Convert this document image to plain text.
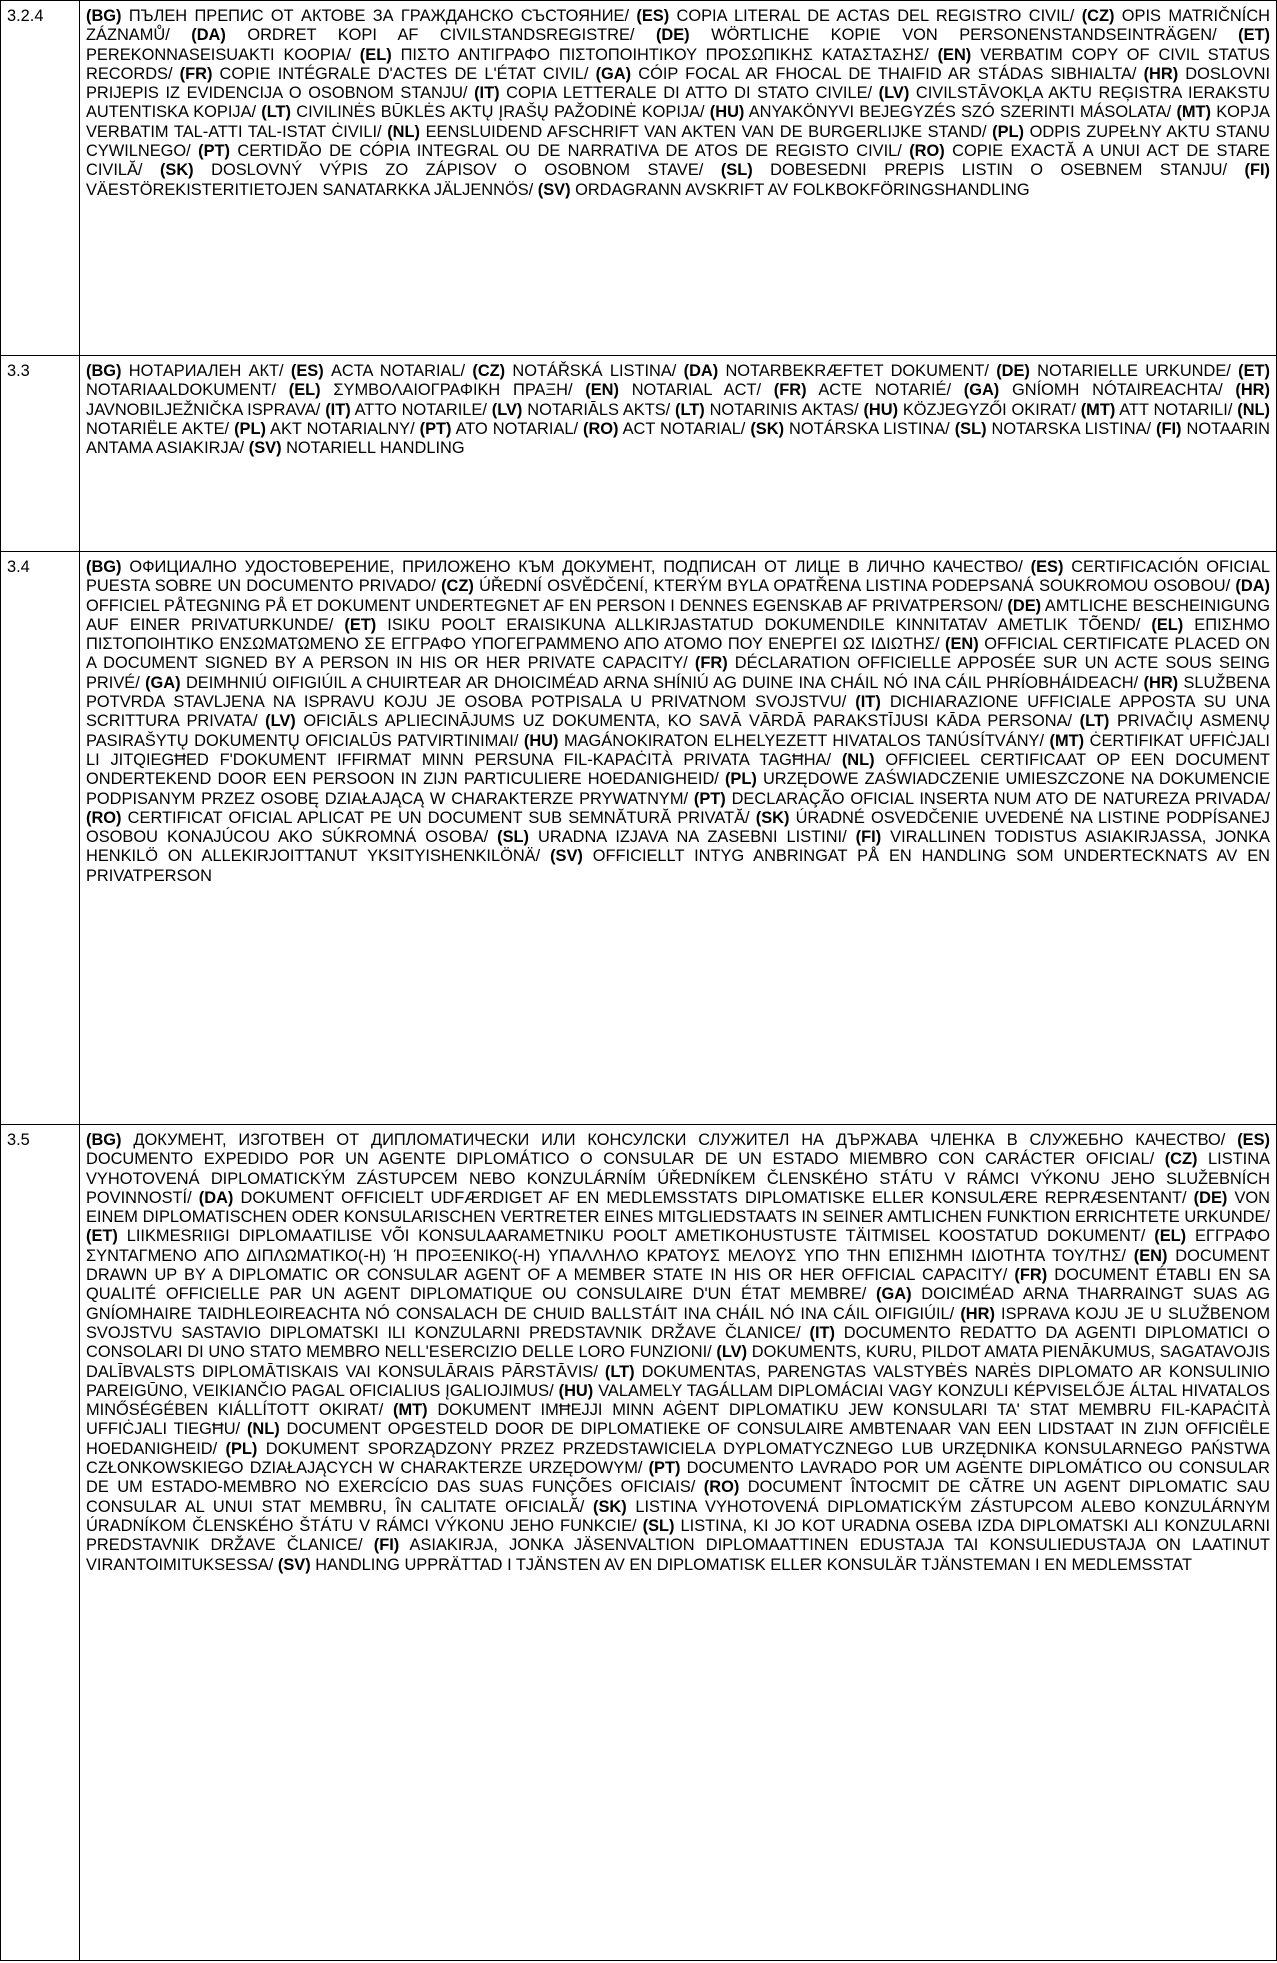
3.2.4	(BG) ПЪЛЕН ПРЕПИС ОТ АКТОВЕ ЗА ГРАЖДАНСКО СЪСТОЯНИЕ/ (ES) COPIA LITERAL DE ACTAS DEL REGISTRO CIVIL/ (CZ) OPIS MATRIČNÍCH ZÁZNAMŮ/ (DA) ORDRET KOPI AF CIVILSTANDSREGISTRE/ (DE) WÖRTLICHE KOPIE VON PERSONENSTANDSEINTRÄGEN/ (ET) PEREKONNASEISUAKTI KOOPIA/ (EL) ΠΙΣΤΟ ΑΝΤΙΓΡΑΦΟ ΠΙΣΤΟΠΟΙΗΤΙΚΟΥ ΠΡΟΣΩΠΙΚΗΣ ΚΑΤΑΣΤΑΣΗΣ/ (EN) VERBATIM COPY OF CIVIL STATUS RECORDS/ (FR) COPIE INTÉGRALE D'ACTES DE L'ÉTAT CIVIL/ (GA) CÓIP FOCAL AR FHOCAL DE THAIFID AR STÁDAS SIBHIALTA/ (HR) DOSLOVNI PRIJEPIS IZ EVIDENCIJA O OSOBNOM STANJU/ (IT) COPIA LETTERALE DI ATTO DI STATO CIVILE/ (LV) CIVILSTĀVOKĻA AKTU REĢISTRA IERAKSTU AUTENTISKA KOPIJA/ (LT) CIVILINĖS BŪKLĖS AKTŲ ĮRAŠŲ PAŽODINĖ KOPIJA/ (HU) ANYAKÖNYVI BEJEGYZÉS SZÓ SZERINTI MÁSOLATA/ (MT) KOPJA VERBATIM TAL-ATTI TAL-ISTAT ĊIVILI/ (NL) EENSLUIDEND AFSCHRIFT VAN AKTEN VAN DE BURGERLIJKE STAND/ (PL) ODPIS ZUPEŁNY AKTU STANU CYWILNEGO/ (PT) CERTIDÃO DE CÓPIA INTEGRAL OU DE NARRATIVA DE ATOS DE REGISTO CIVIL/ (RO) COPIE EXACTĂ A UNUI ACT DE STARE CIVILĂ/ (SK) DOSLOVNÝ VÝPIS ZO ZÁPISOV O OSOBNOM STAVE/ (SL) DOBESEDNI PREPIS LISTIN O OSEBNEM STANJU/ (FI) VÄESTÖREKISTERITIETOJEN SANATARKKA JÄLJENNÖS/ (SV) ORDAGRANN AVSKRIFT AV FOLKBOKFÖRINGSHANDLING
3.3	(BG) НОТАРИАЛЕН АКТ/ (ES) ACTA NOTARIAL/ (CZ) NOTÁŘSKÁ LISTINA/ (DA) NOTARBEKRÆFTET DOKUMENT/ (DE) NOTARIELLE URKUNDE/ (ET) NOTARIAALDOKUMENT/ (EL) ΣΥΜΒΟΛΑΙΟΓΡΑΦΙΚΗ ΠΡΑΞΗ/ (EN) NOTARIAL ACT/ (FR) ACTE NOTARIÉ/ (GA) GNÍOMH NÓTAIREACHTA/ (HR) JAVNOBILJEŽNIČKA ISPRAVA/ (IT) ATTO NOTARILE/ (LV) NOTARIĀLS AKTS/ (LT) NOTARINIS AKTAS/ (HU) KÖZJEGYZŐI OKIRAT/ (MT) ATT NOTARILI/ (NL) NOTARIËLE AKTE/ (PL) AKT NOTARIALNY/ (PT) ATO NOTARIAL/ (RO) ACT NOTARIAL/ (SK) NOTÁRSKA LISTINA/ (SL) NOTARSKA LISTINA/ (FI) NOTAARIN ANTAMA ASIAKIRJA/ (SV) NOTARIELL HANDLING
3.4	(BG) ОФИЦИАЛНО УДОСТОВЕРЕНИЕ, ПРИЛОЖЕНО КЪМ ДОКУМЕНТ, ПОДПИСАН ОТ ЛИЦЕ В ЛИЧНО КАЧЕСТВО/ (ES) CERTIFICACIÓN OFICIAL PUESTA SOBRE UN DOCUMENTO PRIVADO/ (CZ) ÚŘEDNÍ OSVĚDČENÍ, KTERÝM BYLA OPATŘENA LISTINA PODEPSANÁ SOUKROMOU OSOBOU/ (DA) OFFICIEL PÅTEGNING PÅ ET DOKUMENT UNDERTEGNET AF EN PERSON I DENNES EGENSKAB AF PRIVATPERSON/ (DE) AMTLICHE BESCHEINIGUNG AUF EINER PRIVATURKUNDE/ (ET) ISIKU POOLT ERAISIKUNA ALLKIRJASTATUD DOKUMENDILE KINNITATAV AMETLIK TÕEND/ (EL) ΕΠΙΣΗΜΟ ΠΙΣΤΟΠΟΙΗΤΙΚΟ ΕΝΣΩΜΑΤΩΜΕΝΟ ΣΕ ΕΓΓΡΑΦΟ ΥΠΟΓΕΓΡΑΜΜΕΝΟ ΑΠΟ ΑΤΟΜΟ ΠΟΥ ΕΝΕΡΓΕΙ ΩΣ ΙΔΙΩΤΗΣ/ (EN) OFFICIAL CERTIFICATE PLACED ON A DOCUMENT SIGNED BY A PERSON IN HIS OR HER PRIVATE CAPACITY/ (FR) DÉCLARATION OFFICIELLE APPOSÉE SUR UN ACTE SOUS SEING PRIVÉ/ (GA) DEIMHNIÚ OIFIGIÚIL A CHUIRTEAR AR DHOICIMÉAD ARNA SHÍNIÚ AG DUINE INA CHÁIL NÓ INA CÁIL PHRÍOBHÁIDEACH/ (HR) SLUŽBENA POTVRDA STAVLJENA NA ISPRAVU KOJU JE OSOBA POTPISALA U PRIVATNOM SVOJSTVU/ (IT) DICHIARAZIONE UFFICIALE APPOSTA SU UNA SCRITTURA PRIVATA/ (LV) OFICIĀLS APLIECINĀJUMS UZ DOKUMENTA, KO SAVĀ VĀRDĀ PARAKSTĪJUSI KĀDA PERSONA/ (LT) PRIVAČIŲ ASMENŲ PASIRAŠYTŲ DOKUMENTŲ OFICIALŪS PATVIRTINIMAI/ (HU) MAGÁNOKIRATON ELHELYEZETT HIVATALOS TANÚSÍTVÁNY/ (MT) ĊERTIFIKAT UFFIĊJALI LI JITQIEGĦED F'DOKUMENT IFFIRMAT MINN PERSUNA FIL-KAPAĊITÀ PRIVATA TAGĦHA/ (NL) OFFICIEEL CERTIFICAAT OP EEN DOCUMENT ONDERTEKEND DOOR EEN PERSOON IN ZIJN PARTICULIERE HOEDANIGHEID/ (PL) URZĘDOWE ZAŚWIADCZENIE UMIESZCZONE NA DOKUMENCIE PODPISANYM PRZEZ OSOBĘ DZIAŁAJĄCĄ W CHARAKTERZE PRYWATNYM/ (PT) DECLARAÇÃO OFICIAL INSERTA NUM ATO DE NATUREZA PRIVADA/ (RO) CERTIFICAT OFICIAL APLICAT PE UN DOCUMENT SUB SEMNĂTURĂ PRIVATĂ/ (SK) ÚRADNÉ OSVEDČENIE UVEDENÉ NA LISTINE PODPÍSANEJ OSOBOU KONAJÚCOU AKO SÚKROMNÁ OSOBA/ (SL) URADNA IZJAVA NA ZASEBNI LISTINI/ (FI) VIRALLINEN TODISTUS ASIAKIRJASSA, JONKA HENKILÖ ON ALLEKIRJOITTANUT YKSITYISHENKILÖNÄ/ (SV) OFFICIELLT INTYG ANBRINGAT PÅ EN HANDLING SOM UNDERTECKNATS AV EN PRIVATPERSON
3.5	(BG) ДОКУМЕНТ, ИЗГОТВЕН ОТ ДИПЛОМАТИЧЕСКИ ИЛИ КОНСУЛСКИ СЛУЖИТЕЛ НА ДЪРЖАВА ЧЛЕНКА В СЛУЖЕБНО КАЧЕСТВО/ (ES) DOCUMENTO EXPEDIDO POR UN AGENTE DIPLOMÁTICO O CONSULAR DE UN ESTADO MIEMBRO CON CARÁCTER OFICIAL/ (CZ) LISTINA VYHOTOVENÁ DIPLOMATICKÝM ZÁSTUPCEM NEBO KONZULÁRNÍM ÚŘEDNÍKEM ČLENSKÉHO STÁTU V RÁMCI VÝKONU JEHO SLUŽEBNÍCH POVINNOSTÍ/ (DA) DOKUMENT OFFICIELT UDFÆRDIGET AF EN MEDLEMSSTATS DIPLOMATISKE ELLER KONSULÆRE REPRÆSENTANT/ (DE) VON EINEM DIPLOMATISCHEN ODER KONSULARISCHEN VERTRETER EINES MITGLIEDSTAATS IN SEINER AMTLICHEN FUNKTION ERRICHTETE URKUNDE/ (ET) LIIKMESRIIGI DIPLOMAATILISE VÕI KONSULAARAMETNIKU POOLT AMETIKOHUSTUSTE TÄITMISEL KOOSTATUD DOKUMENT/ (EL) ΕΓΓΡΑΦΟ ΣΥΝΤΑΓΜΕΝΟ ΑΠΟ ΔΙΠΛΩΜΑΤΙΚΟ(-Η) Ή ΠΡΟΞΕΝΙΚΟ(-Η) ΥΠΑΛΛΗΛΟ ΚΡΑΤΟΥΣ ΜΕΛΟΥΣ ΥΠΟ ΤΗΝ ΕΠΙΣΗΜΗ ΙΔΙΟΤΗΤΑ ΤΟΥ/ΤΗΣ/ (EN) DOCUMENT DRAWN UP BY A DIPLOMATIC OR CONSULAR AGENT OF A MEMBER STATE IN HIS OR HER OFFICIAL CAPACITY/ (FR) DOCUMENT ÉTABLI EN SA QUALITÉ OFFICIELLE PAR UN AGENT DIPLOMATIQUE OU CONSULAIRE D'UN ÉTAT MEMBRE/ (GA) DOICIMÉAD ARNA THARRAINGT SUAS AG GNÍOMHAIRE TAIDHLEOIREACHTA NÓ CONSALACH DE CHUID BALLSTÁIT INA CHÁIL NÓ INA CÁIL OIFIGIÚIL/ (HR) ISPRAVA KOJU JE U SLUŽBENOM SVOJSTVU SASTAVIO DIPLOMATSKI ILI KONZULARNI PREDSTAVNIK DRŽAVE ČLANICE/ (IT) DOCUMENTO REDATTO DA AGENTI DIPLOMATICI O CONSOLARI DI UNO STATO MEMBRO NELL'ESERCIZIO DELLE LORO FUNZIONI/ (LV) DOKUMENTS, KURU, PILDOT AMATA PIENĀKUMUS, SAGATAVOJIS DALĪBVALSTS DIPLOMĀTISKAIS VAI KONSULĀRAIS PĀRSTĀVIS/ (LT) DOKUMENTAS, PARENGTAS VALSTYBĖS NARĖS DIPLOMATO AR KONSULINIO PAREIGŪNO, VEIKIANČIO PAGAL OFICIALIUS ĮGALIOJIMUS/ (HU) VALAMELY TAGÁLLAM DIPLOMÁCIAI VAGY KONZULI KÉPVISELŐJE ÁLTAL HIVATALOS MINŐSÉGÉBEN KIÁLLÍTOTT OKIRAT/ (MT) DOKUMENT IMĦEJJI MINN AĠENT DIPLOMATIKU JEW KONSULARI TA' STAT MEMBRU FIL-KAPAĊITÀ UFFIĊJALI TIEGĦU/ (NL) DOCUMENT OPGESTELD DOOR DE DIPLOMATIEKE OF CONSULAIRE AMBTENAAR VAN EEN LIDSTAAT IN ZIJN OFFICIËLE HOEDANIGHEID/ (PL) DOKUMENT SPORZĄDZONY PRZEZ PRZEDSTAWICIELA DYPLOMATYCZNEGO LUB URZĘDNIKA KONSULARNEGO PAŃSTWA CZŁONKOWSKIEGO DZIAŁAJĄCYCH W CHARAKTERZE URZĘDOWYM/ (PT) DOCUMENTO LAVRADO POR UM AGENTE DIPLOMÁTICO OU CONSULAR DE UM ESTADO-MEMBRO NO EXERCÍCIO DAS SUAS FUNÇÕES OFICIAIS/ (RO) DOCUMENT ÎNTOCMIT DE CĂTRE UN AGENT DIPLOMATIC SAU CONSULAR AL UNUI STAT MEMBRU, ÎN CALITATE OFICIALĂ/ (SK) LISTINA VYHOTOVENÁ DIPLOMATICKÝM ZÁSTUPCOM ALEBO KONZULÁRNYM ÚRADNÍKOM ČLENSKÉHO ŠTÁTU V RÁMCI VÝKONU JEHO FUNKCIE/ (SL) LISTINA, KI JO KOT URADNA OSEBA IZDA DIPLOMATSKI ALI KONZULARNI PREDSTAVNIK DRŽAVE ČLANICE/ (FI) ASIAKIRJA, JONKA JÄSENVALTION DIPLOMAATTINEN EDUSTAJA TAI KONSULIEDUSTAJA ON LAATINUT VIRANTOIMITUKSESSA/ (SV) HANDLING UPPRÄTTAD I TJÄNSTEN AV EN DIPLOMATISK ELLER KONSULÄR TJÄNSTEMAN I EN MEDLEMSSTAT
